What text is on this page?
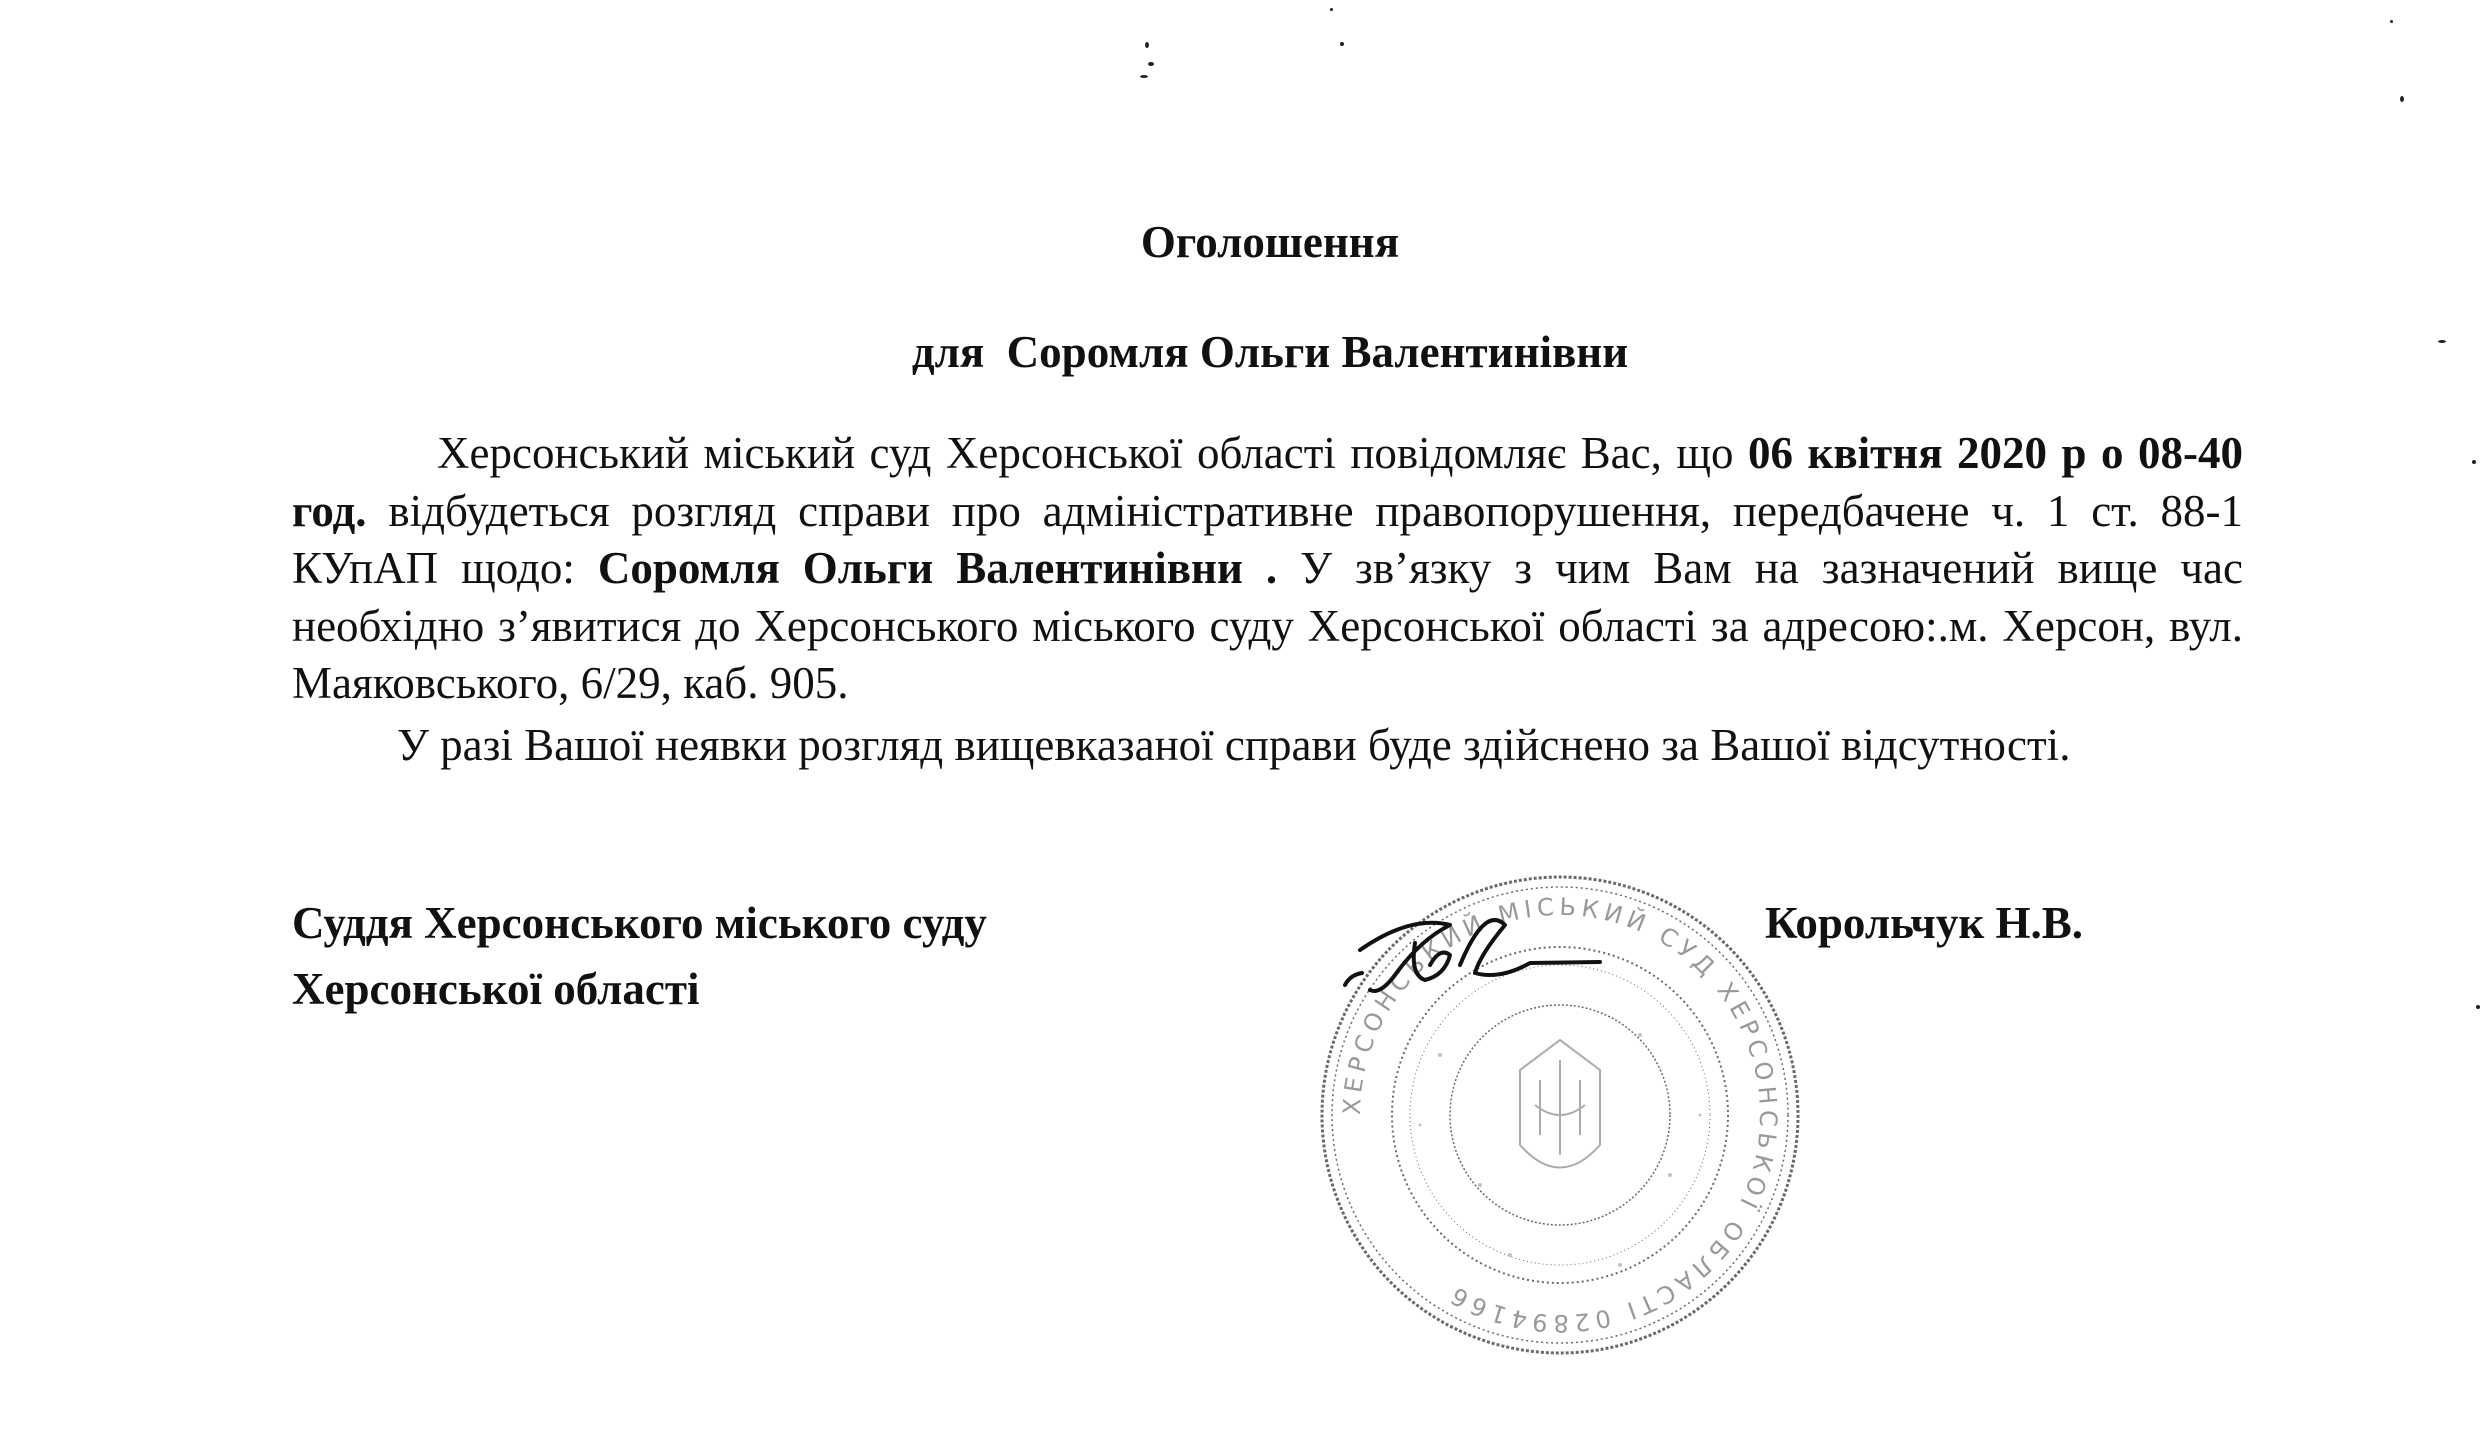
Оголошення
для  Соромля Ольги Валентинівни

Херсонський міський суд Херсонської області повідомляє Вас, що 06 квітня 2020 р о 08-40 год. відбудеться розгляд справи про адміністративне правопорушення, передбачене ч. 1 ст. 88-1 КУпАП щодо: Соромля Ольги Валентинівни . У зв’язку з чим Вам на зазначений вище час необхідно з’явитися до Херсонського міського суду Херсонської області за адресою:.м. Херсон, вул. Маяковського, 6/29, каб. 905.

У разі Вашої неявки розгляд вищевказаної справи буде здійснено за Вашої відсутності.

Суддя Херсонського міського суду
Херсонської області
Корольчук Н.В.
ХЕРСОНСЬКИЙ МІСЬКИЙ СУД ХЕРСОНСЬКОЇ ОБЛАСТІ 02894166
